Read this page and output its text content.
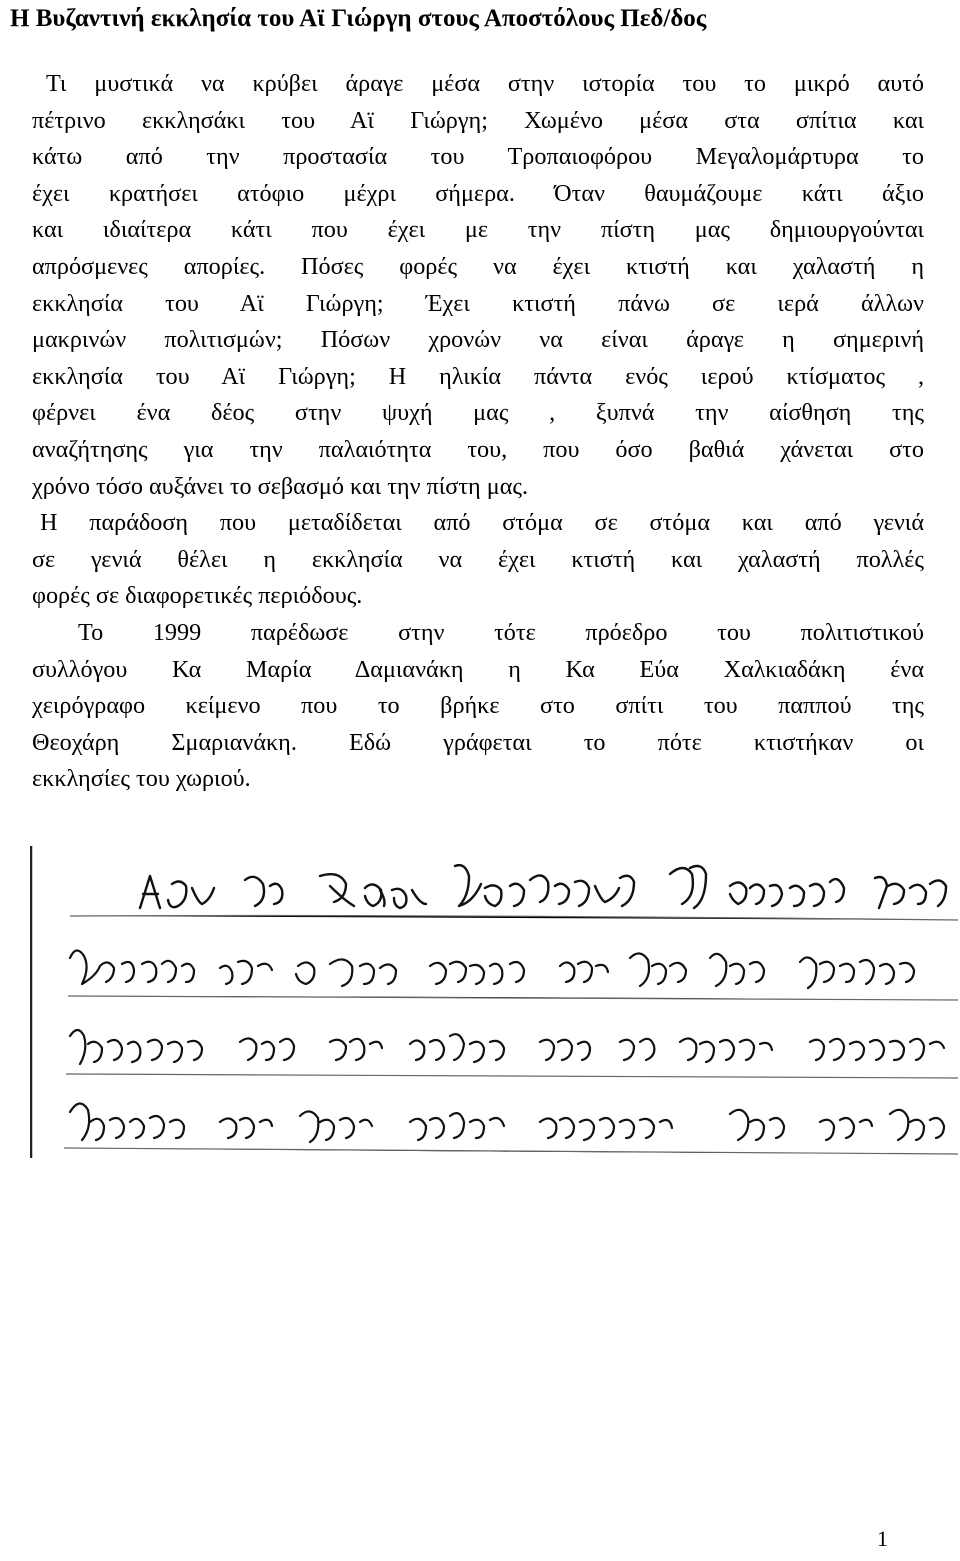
Η Βυζαντινή εκκλησία του Αϊ Γιώργη στους Αποστόλους Πεδ/δος
Τι μυστικά να κρύβει άραγε μέσα στην ιστορία του το μικρό αυτό
πέτρινο εκκλησάκι του Αϊ Γιώργη; Χωμένο μέσα στα σπίτια και
κάτω από την προστασία του Τροπαιοφόρου Μεγαλομάρτυρα το
έχει κρατήσει ατόφιο μέχρι σήμερα. Όταν θαυμάζουμε κάτι άξιο
και ιδιαίτερα κάτι που έχει με την πίστη μας δημιουργούνται
απρόσμενες απορίες. Πόσες φορές να έχει κτιστή και χαλαστή η
εκκλησία του Αϊ Γιώργη; Έχει κτιστή πάνω σε ιερά άλλων
μακρινών πολιτισμών; Πόσων χρονών να είναι άραγε η σημερινή
εκκλησία του Αϊ Γιώργη; Η ηλικία πάντα ενός ιερού κτίσματος ,
φέρνει ένα δέος στην ψυχή μας , ξυπνά την αίσθηση της
αναζήτησης για την παλαιότητα του, που όσο βαθιά χάνεται στο
χρόνο τόσο αυξάνει το σεβασμό και την πίστη μας.
Η παράδοση που μεταδίδεται από στόμα σε στόμα και από γενιά
σε γενιά θέλει η εκκλησία να έχει κτιστή και χαλαστή πολλές
φορές σε διαφορετικές περιόδους.
Το 1999 παρέδωσε στην τότε πρόεδρο του πολιτιστικού
συλλόγου Κα Μαρία Δαμιανάκη η Κα Εύα Χαλκιαδάκη ένα
χειρόγραφο κείμενο που το βρήκε στο σπίτι του παππού της
Θεοχάρη Σμαριανάκη. Εδώ γράφεται το πότε κτιστήκαν οι
εκκλησίες του χωριού.
1
